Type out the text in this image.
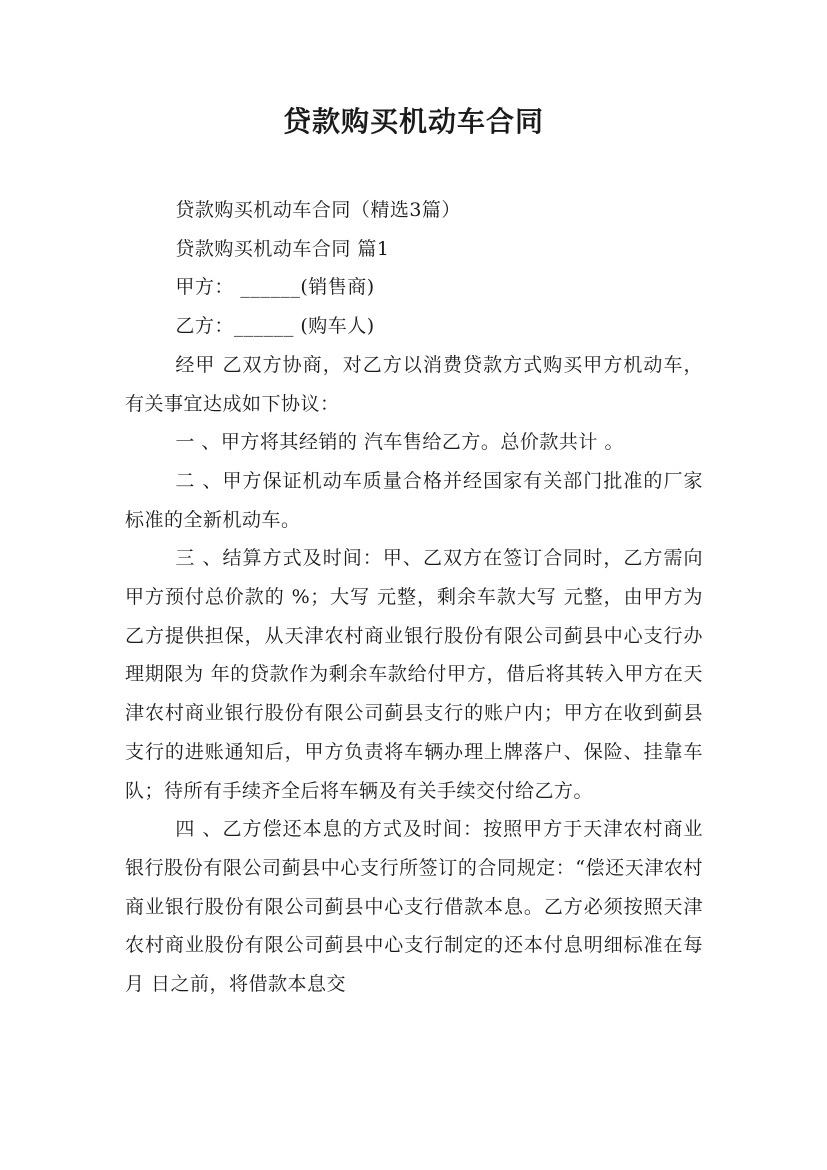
贷款购买机动车合同

贷款购买机动车合同（精选3篇）

贷款购买机动车合同 篇1

甲方： ______(销售商)

乙方：______ (购车人)

经甲 乙双方协商，对乙方以消费贷款方式购买甲方机动车，有关事宜达成如下协议：

一 、甲方将其经销的 汽车售给乙方。总价款共计 。

二 、甲方保证机动车质量合格并经国家有关部门批准的厂家标准的全新机动车。

三 、结算方式及时间：甲、乙双方在签订合同时，乙方需向甲方预付总价款的 %；大写 元整，剩余车款大写 元整，由甲方为乙方提供担保，从天津农村商业银行股份有限公司蓟县中心支行办理期限为 年的贷款作为剩余车款给付甲方，借后将其转入甲方在天津农村商业银行股份有限公司蓟县支行的账户内；甲方在收到蓟县支行的进账通知后，甲方负责将车辆办理上牌落户、保险、挂靠车队；待所有手续齐全后将车辆及有关手续交付给乙方。

四 、乙方偿还本息的方式及时间：按照甲方于天津农村商业银行股份有限公司蓟县中心支行所签订的合同规定：“偿还天津农村商业银行股份有限公司蓟县中心支行借款本息。乙方必须按照天津农村商业股份有限公司蓟县中心支行制定的还本付息明细标准在每月 日之前，将借款本息交
